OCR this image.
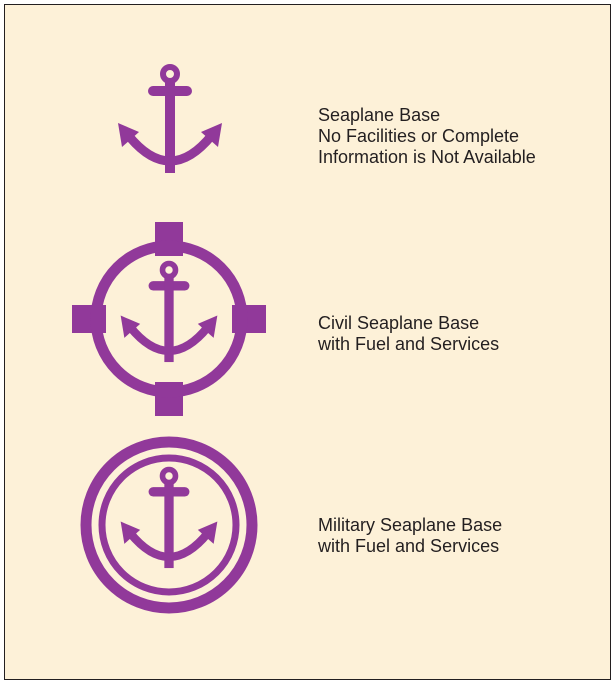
Seaplane Base
No Facilities or Complete
Information is Not Available
Civil Seaplane Base
with Fuel and Services
Military Seaplane Base
with Fuel and Services
